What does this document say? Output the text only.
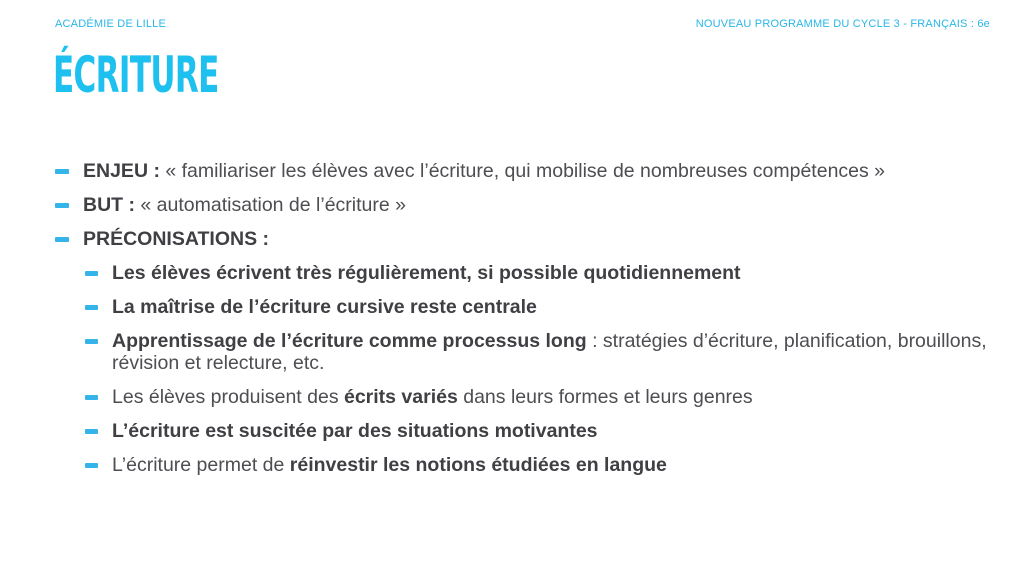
ACADÉMIE DE LILLE	NOUVEAU PROGRAMME DU CYCLE 3 - FRANÇAIS : 6e
ÉCRITURE
ENJEU : « familiariser les élèves avec l’écriture, qui mobilise de nombreuses compétences »
BUT : « automatisation de l’écriture »
PRÉCONISATIONS :
Les élèves écrivent très régulièrement, si possible quotidiennement
La maîtrise de l’écriture cursive reste centrale
Apprentissage de l’écriture comme processus long : stratégies d’écriture, planification, brouillons, révision et relecture, etc.
Les élèves produisent des écrits variés dans leurs formes et leurs genres
L’écriture est suscitée par des situations motivantes
L’écriture permet de réinvestir les notions étudiées en langue
